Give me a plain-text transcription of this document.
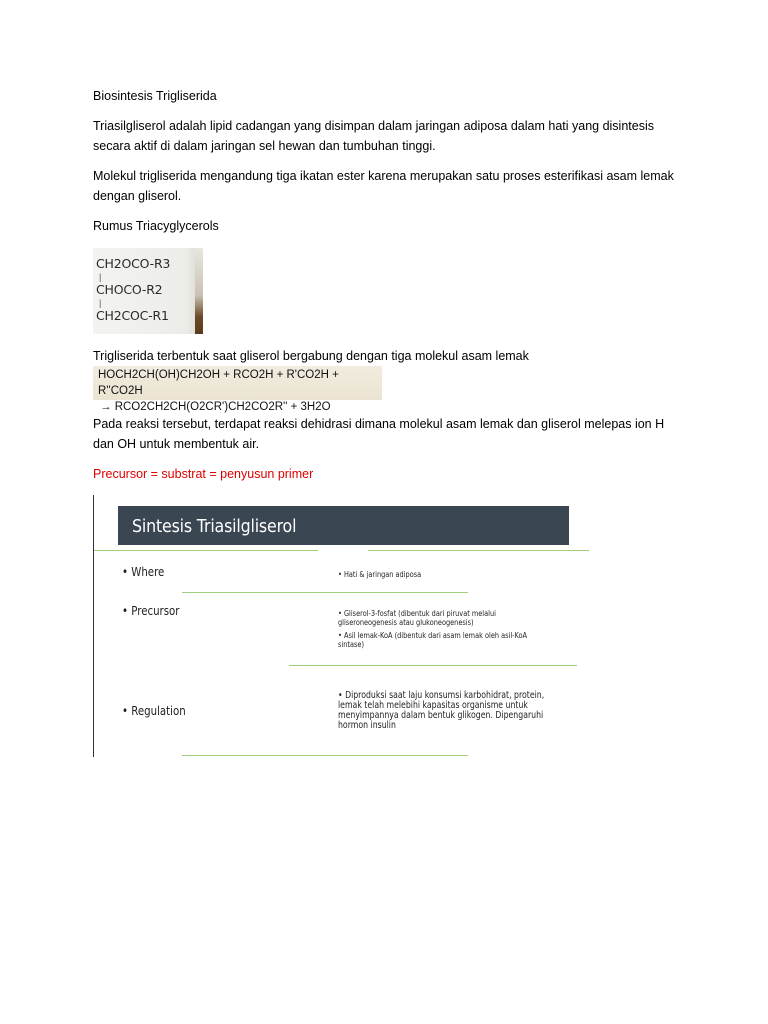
Biosintesis Trigliserida

Triasilgliserol adalah lipid cadangan yang disimpan dalam jaringan adiposa dalam hati yang disintesis secara aktif di dalam jaringan sel hewan dan tumbuhan tinggi.

Molekul trigliserida mengandung tiga ikatan ester karena merupakan satu proses esterifikasi asam lemak dengan gliserol.

Rumus Triacyglycerols

CH2OCO-R3
|
CHOCO-R2
|
CH2COC-R1

Trigliserida terbentuk saat gliserol bergabung dengan tiga molekul asam lemak

HOCH2CH(OH)CH2OH + RCO2H + R'CO2H + R''CO2H
→ RCO2CH2CH(O2CR')CH2CO2R'' + 3H2O

Pada reaksi tersebut, terdapat reaksi dehidrasi dimana molekul asam lemak dan gliserol melepas ion H dan OH untuk membentuk air.

Precursor = substrat = penyusun primer

Sintesis Triasilgliserol
• Where	• Hati & jaringan adiposa
• Precursor	• Gliserol-3-fosfat (dibentuk dari piruvat melalui gliseroneogenesis atau glukoneogenesis)
• Asil lemak-KoA (dibentuk dari asam lemak oleh asil-KoA sintase)
• Regulation
• Diproduksi saat laju konsumsi karbohidrat, protein, lemak telah melebihi kapasitas organisme untuk menyimpannya dalam bentuk glikogen. Dipengaruhi hormon insulin
